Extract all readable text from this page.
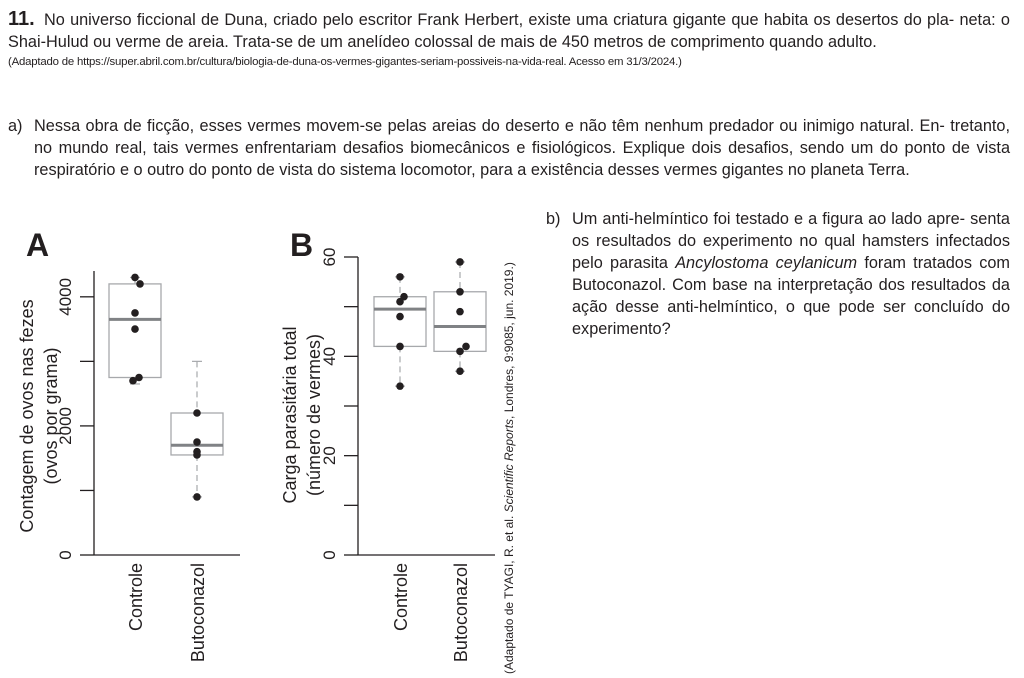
11. No universo ficcional de Duna, criado pelo escritor Frank Herbert, existe uma criatura gigante que habita os desertos do pla- neta: o Shai-Hulud ou verme de areia. Trata-se de um anelídeo colossal de mais de 450 metros de comprimento quando adulto.
(Adaptado de https://super.abril.com.br/cultura/biologia-de-duna-os-vermes-gigantes-seriam-possiveis-na-vida-real. Acesso em 31/3/2024.)
a) Nessa obra de ficção, esses vermes movem-se pelas areias do deserto e não têm nenhum predador ou inimigo natural. En- tretanto, no mundo real, tais vermes enfrentariam desafios biomecânicos e fisiológicos. Explique dois desafios, sendo um do ponto de vista respiratório e o outro do ponto de vista do sistema locomotor, para a existência desses vermes gigantes no planeta Terra.
b) Um anti-helmíntico foi testado e a figura ao lado apre- senta os resultados do experimento no qual hamsters infectados pelo parasita Ancylostoma ceylanicum foram tratados com Butoconazol. Com base na interpretação dos resultados da ação desse anti-helmíntico, o que pode ser concluído do experimento?
A
Contagem de ovos nas fezes (ovos por grama)
B
Carga parasitária total (número de vermes)
(Adaptado de TYAGI, R. et al. Scientific Reports, Londres, 9:9085, jun. 2019.)
0
2000
4000
Controle Butoconazol
0
20
40
60
Controle Butoconazol
